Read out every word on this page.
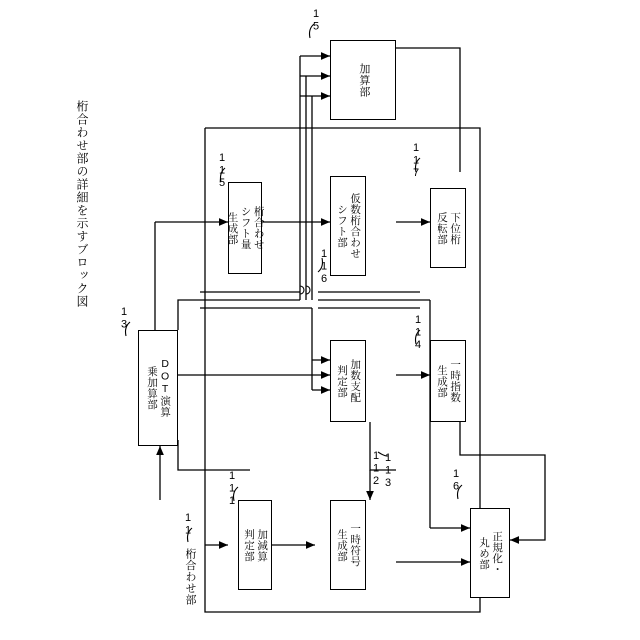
桁合わせ部の詳細を示すブロック図
加算部
15
桁合わせ
シフト量
生成部
115
仮数桁合わせ
シフト部
116
下位桁
反転部
117
DOT演算
乗加算部
13
加数支配
判定部
112
一時指数
生成部
114
加減算
判定部
111
一時符号
生成部
113
正規化・
丸め部
16
桁合わせ部
11
